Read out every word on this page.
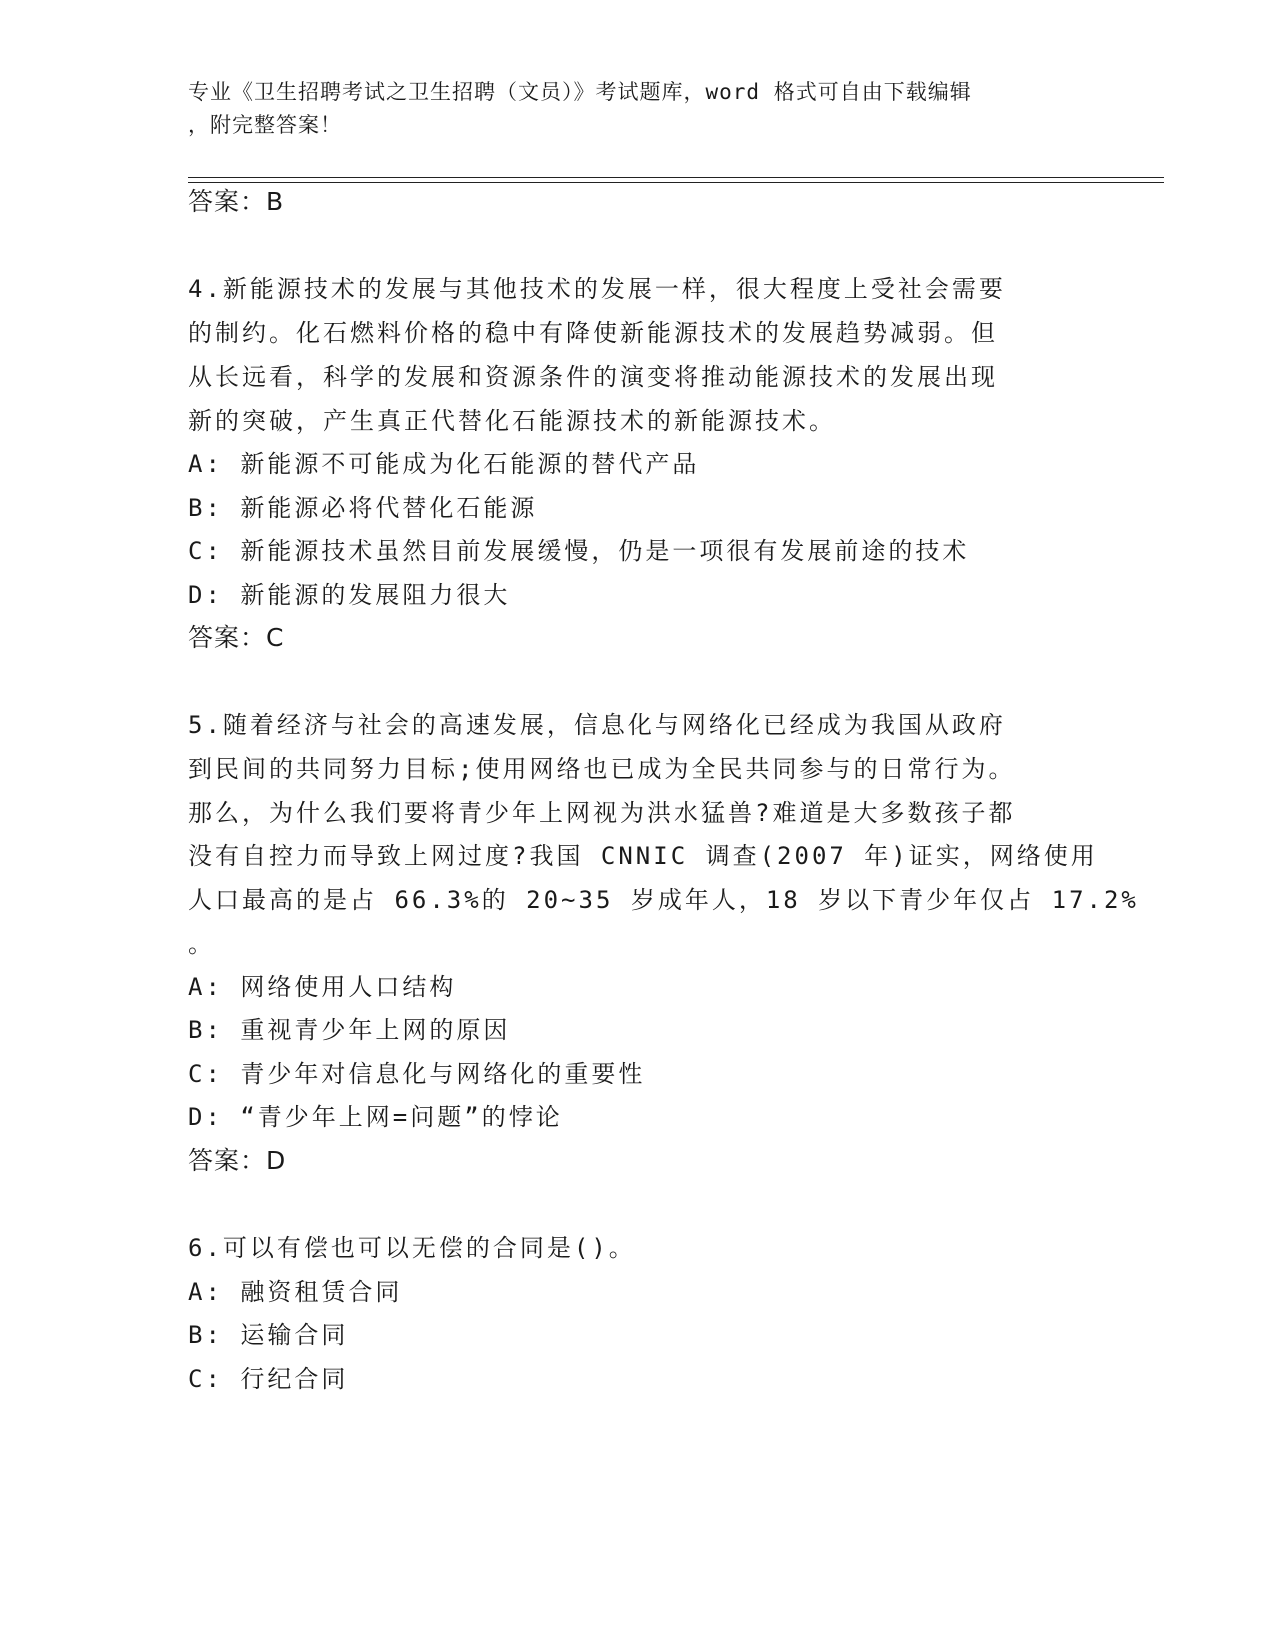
专业《卫生招聘考试之卫生招聘（文员）》考试题库，word 格式可自由下载编辑
，附完整答案！
答案：B
4.新能源技术的发展与其他技术的发展一样，很大程度上受社会需要
的制约。化石燃料价格的稳中有降使新能源技术的发展趋势减弱。但
从长远看，科学的发展和资源条件的演变将推动能源技术的发展出现
新的突破，产生真正代替化石能源技术的新能源技术。
A: 新能源不可能成为化石能源的替代产品
B: 新能源必将代替化石能源
C: 新能源技术虽然目前发展缓慢，仍是一项很有发展前途的技术
D: 新能源的发展阻力很大
答案：C
5.随着经济与社会的高速发展，信息化与网络化已经成为我国从政府
到民间的共同努力目标;使用网络也已成为全民共同参与的日常行为。
那么，为什么我们要将青少年上网视为洪水猛兽?难道是大多数孩子都
没有自控力而导致上网过度?我国 CNNIC 调查(2007 年)证实，网络使用
人口最高的是占 66.3%的 20~35 岁成年人，18 岁以下青少年仅占 17.2%
。
A: 网络使用人口结构
B: 重视青少年上网的原因
C: 青少年对信息化与网络化的重要性
D: “青少年上网=问题”的悖论
答案：D
6.可以有偿也可以无偿的合同是()。
A: 融资租赁合同
B: 运输合同
C: 行纪合同
